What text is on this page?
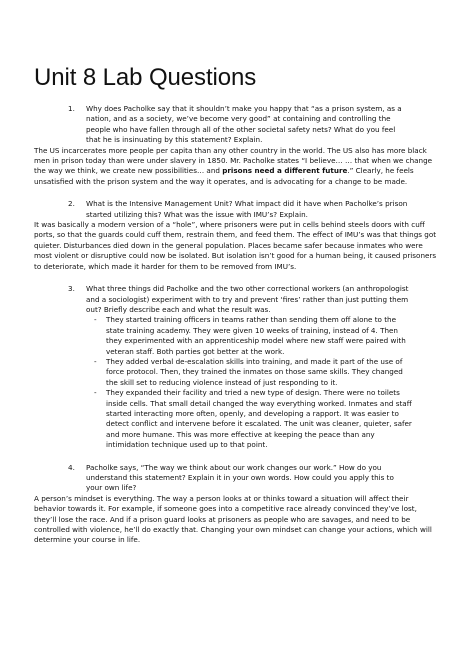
Unit 8 Lab Questions
1.	Why does Pacholke say that it shouldn’t make you happy that “as a prison system, as a nation, and as a society, we’ve become very good” at containing and controlling the people who have fallen through all of the other societal safety nets? What do you feel that he is insinuating by this statement? Explain.

The US incarcerates more people per capita than any other country in the world. The US also has more black men in prison today than were under slavery in 1850. Mr. Pacholke states “I believe… … that when we change the way we think, we create new possibilities… and prisons need a different future.” Clearly, he feels unsatisfied with the prison system and the way it operates, and is advocating for a change to be made.

2.	What is the Intensive Management Unit? What impact did it have when Pacholke’s prison started utilizing this? What was the issue with IMU’s? Explain.

It was basically a modern version of a “hole”, where prisoners were put in cells behind steels doors with cuff ports, so that the guards could cuff them, restrain them, and feed them. The effect of IMU’s was that things got quieter. Disturbances died down in the general population. Places became safer because inmates who were most violent or disruptive could now be isolated. But isolation isn’t good for a human being, it caused prisoners to deteriorate, which made it harder for them to be removed from IMU’s.

3.	What three things did Pacholke and the two other correctional workers (an anthropologist and a sociologist) experiment with to try and prevent ‘fires’ rather than just putting them out? Briefly describe each and what the result was.
- They started training officers in teams rather than sending them off alone to the state training academy. They were given 10 weeks of training, instead of 4. Then they experimented with an apprenticeship model where new staff were paired with veteran staff. Both parties got better at the work.
- They added verbal de-escalation skills into training, and made it part of the use of force protocol. Then, they trained the inmates on those same skills. They changed the skill set to reducing violence instead of just responding to it.
- They expanded their facility and tried a new type of design. There were no toilets inside cells. That small detail changed the way everything worked. Inmates and staff started interacting more often, openly, and developing a rapport. It was easier to detect conflict and intervene before it escalated. The unit was cleaner, quieter, safer and more humane. This was more effective at keeping the peace than any intimidation technique used up to that point.
4.	Pacholke says, “The way we think about our work changes our work.” How do you understand this statement? Explain it in your own words. How could you apply this to your own life?

A person’s mindset is everything. The way a person looks at or thinks toward a situation will affect their behavior towards it. For example, if someone goes into a competitive race already convinced they’ve lost, they’ll lose the race. And if a prison guard looks at prisoners as people who are savages, and need to be controlled with violence, he’ll do exactly that. Changing your own mindset can change your actions, which will determine your course in life.
